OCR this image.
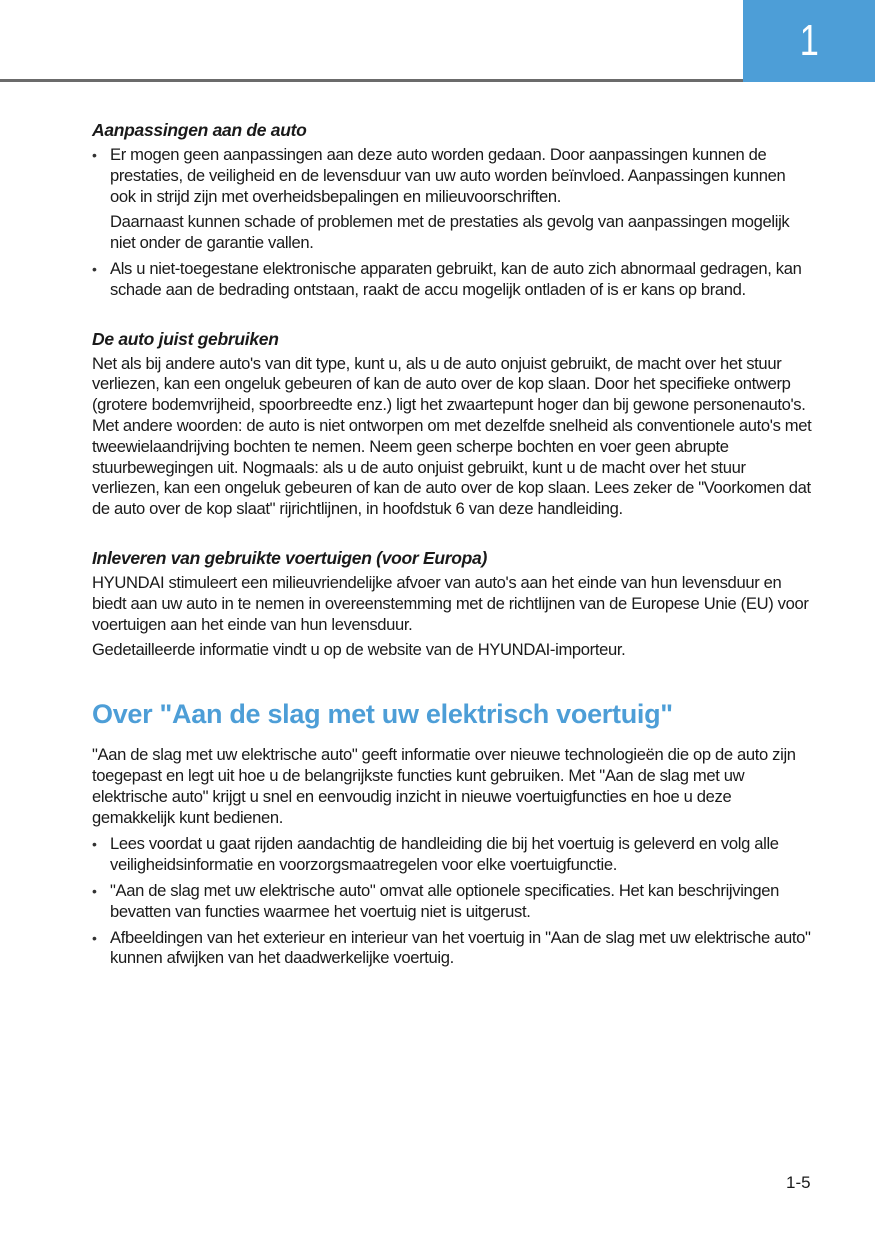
1
Aanpassingen aan de auto

• Er mogen geen aanpassingen aan deze auto worden gedaan. Door aanpassingen kunnen de prestaties, de veiligheid en de levensduur van uw auto worden beïnvloed. Aanpassingen kunnen ook in strijd zijn met overheidsbepalingen en milieuvoorschriften.

Daarnaast kunnen schade of problemen met de prestaties als gevolg van aanpassingen mogelijk niet onder de garantie vallen.

• Als u niet-toegestane elektronische apparaten gebruikt, kan de auto zich abnormaal gedragen, kan schade aan de bedrading ontstaan, raakt de accu mogelijk ontladen of is er kans op brand.

De auto juist gebruiken

Net als bij andere auto's van dit type, kunt u, als u de auto onjuist gebruikt, de macht over het stuur verliezen, kan een ongeluk gebeuren of kan de auto over de kop slaan. Door het specifieke ontwerp (grotere bodemvrijheid, spoorbreedte enz.) ligt het zwaartepunt hoger dan bij gewone personenauto's. Met andere woorden: de auto is niet ontworpen om met dezelfde snelheid als conventionele auto's met tweewielaandrijving bochten te nemen. Neem geen scherpe bochten en voer geen abrupte stuurbewegingen uit. Nogmaals: als u de auto onjuist gebruikt, kunt u de macht over het stuur verliezen, kan een ongeluk gebeuren of kan de auto over de kop slaan. Lees zeker de "Voorkomen dat de auto over de kop slaat" rijrichtlijnen, in hoofdstuk 6 van deze handleiding.

Inleveren van gebruikte voertuigen (voor Europa)

HYUNDAI stimuleert een milieuvriendelijke afvoer van auto's aan het einde van hun levensduur en biedt aan uw auto in te nemen in overeenstemming met de richtlijnen van de Europese Unie (EU) voor voertuigen aan het einde van hun levensduur.

Gedetailleerde informatie vindt u op de website van de HYUNDAI-importeur.

Over "Aan de slag met uw elektrisch voertuig"

"Aan de slag met uw elektrische auto" geeft informatie over nieuwe technologieën die op de auto zijn toegepast en legt uit hoe u de belangrijkste functies kunt gebruiken. Met "Aan de slag met uw elektrische auto" krijgt u snel en eenvoudig inzicht in nieuwe voertuigfuncties en hoe u deze gemakkelijk kunt bedienen.

• Lees voordat u gaat rijden aandachtig de handleiding die bij het voertuig is geleverd en volg alle veiligheidsinformatie en voorzorgsmaatregelen voor elke voertuigfunctie.

• "Aan de slag met uw elektrische auto" omvat alle optionele specificaties. Het kan beschrijvingen bevatten van functies waarmee het voertuig niet is uitgerust.

• Afbeeldingen van het exterieur en interieur van het voertuig in "Aan de slag met uw elektrische auto" kunnen afwijken van het daadwerkelijke voertuig.

1-5
